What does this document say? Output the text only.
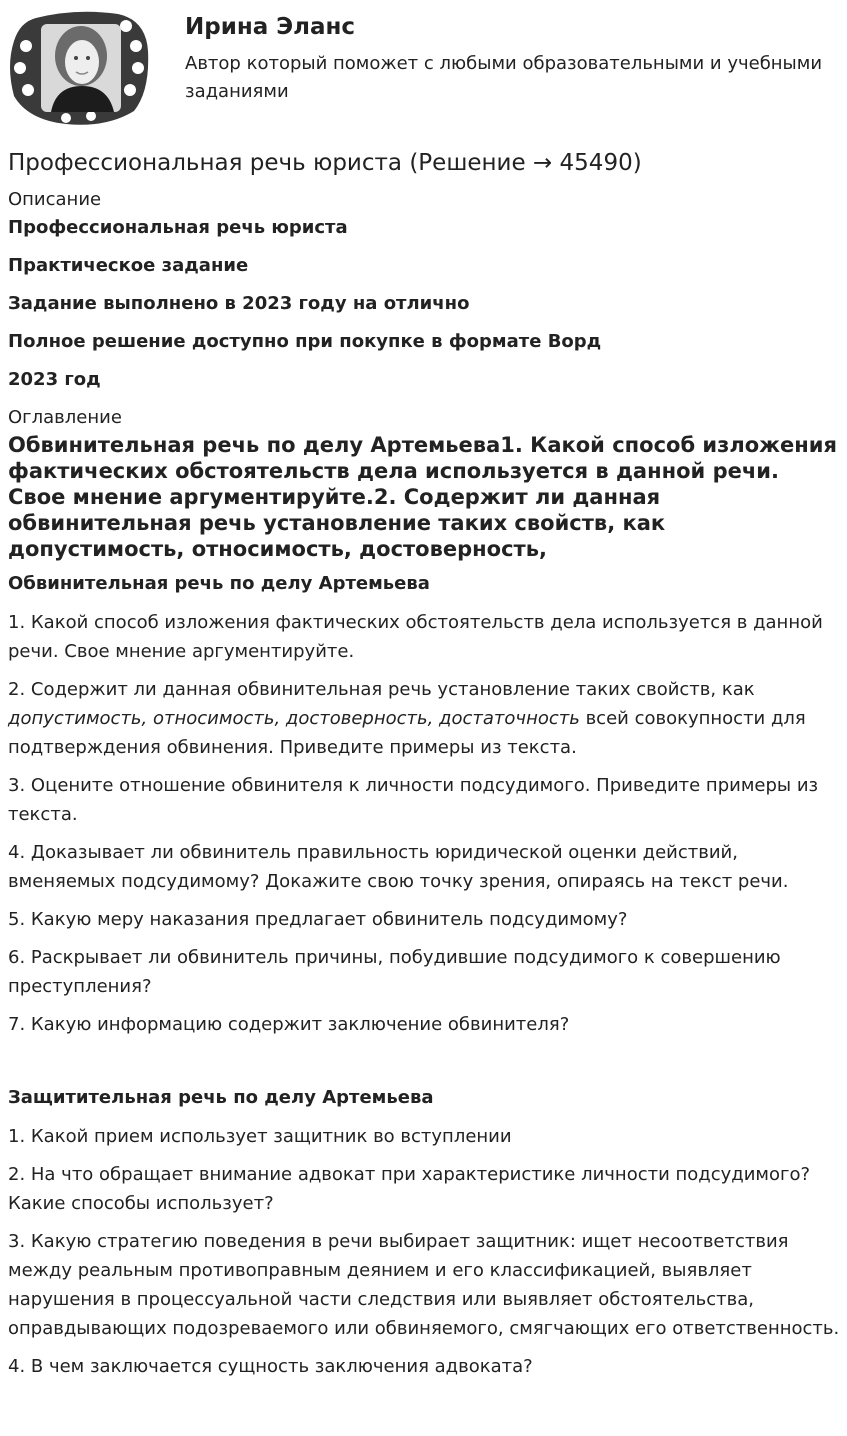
Ирина Эланс
Автор который поможет с любыми образовательными и учебными заданиями
Профессиональная речь юриста (Решение → 45490)

Описание

Профессиональная речь юриста

Практическое задание

Задание выполнено в 2023 году на отлично

Полное решение доступно при покупке в формате Ворд

2023 год

Оглавление

Обвинительная речь по делу Артемьева1. Какой способ изложения фактических обстоятельств дела используется в данной речи. Свое мнение аргументируйте.2. Содержит ли данная обвинительная речь установление таких свойств, как допустимость, относимость, достоверность,

Обвинительная речь по делу Артемьева

1. Какой способ изложения фактических обстоятельств дела используется в данной речи. Свое мнение аргументируйте.

2. Содержит ли данная обвинительная речь установление таких свойств, как допустимость, относимость, достоверность, достаточность всей совокупности для подтверждения обвинения. Приведите примеры из текста.

3. Оцените отношение обвинителя к личности подсудимого. Приведите примеры из текста.

4. Доказывает ли обвинитель правильность юридической оценки действий, вменяемых подсудимому? Докажите свою точку зрения, опираясь на текст речи.

5. Какую меру наказания предлагает обвинитель подсудимому?

6. Раскрывает ли обвинитель причины, побудившие подсудимого к совершению преступления?

7. Какую информацию содержит заключение обвинителя?

Защитительная речь по делу Артемьева

1. Какой прием использует защитник во вступлении

2. На что обращает внимание адвокат при характеристике личности подсудимого? Какие способы использует?

3. Какую стратегию поведения в речи выбирает защитник: ищет несоответствия между реальным противоправным деянием и его классификацией, выявляет нарушения в процессуальной части следствия или выявляет обстоятельства, оправдывающих подозреваемого или обвиняемого, смягчающих его ответственность.

4. В чем заключается сущность заключения адвоката?
